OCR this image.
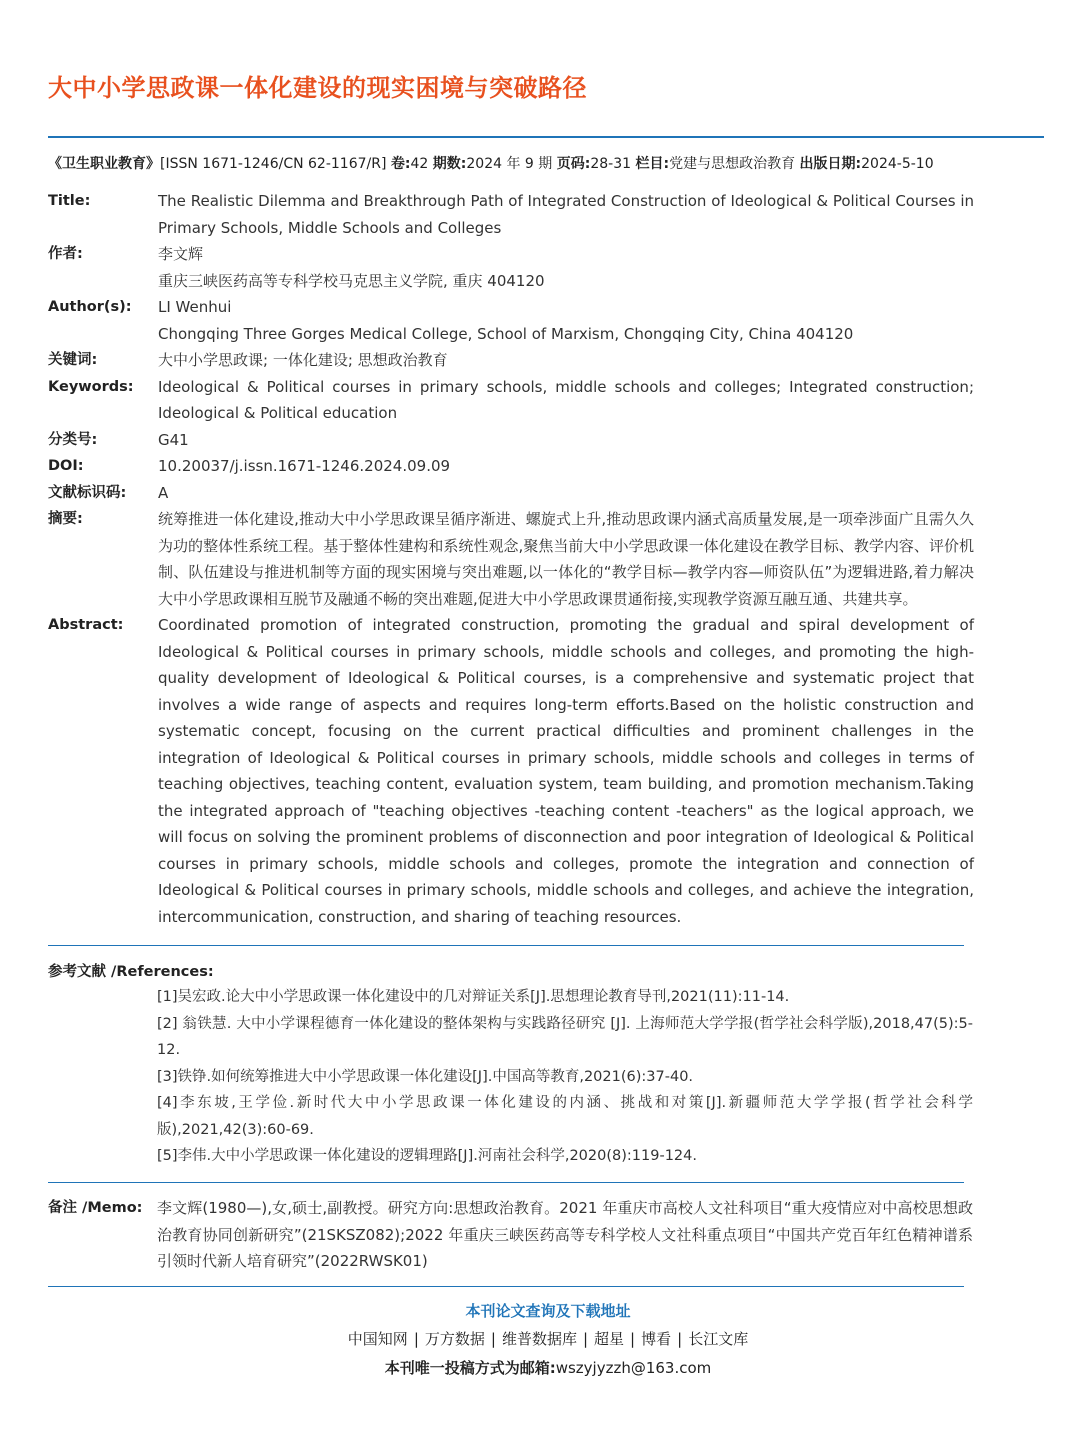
大中小学思政课一体化建设的现实困境与突破路径
《卫生职业教育》[ISSN 1671-1246/CN 62-1167/R] 卷:42 期数:2024 年 9 期 页码:28-31 栏目:党建与思想政治教育 出版日期:2024-5-10
Title:	The Realistic Dilemma and Breakthrough Path of Integrated Construction of Ideological & Political Courses in Primary Schools, Middle Schools and Colleges
作者:	李文辉

重庆三峡医药高等专科学校马克思主义学院, 重庆 404120

Author(s):	LI Wenhui

Chongqing Three Gorges Medical College, School of Marxism, Chongqing City, China 404120

关键词:	大中小学思政课; 一体化建设; 思想政治教育
Keywords:	Ideological & Political courses in primary schools, middle schools and colleges; Integrated construction; Ideological & Political education
分类号:	G41
DOI:	10.20037/j.issn.1671-1246.2024.09.09
文献标识码:	A
摘要:	统筹推进一体化建设,推动大中小学思政课呈循序渐进、螺旋式上升,推动思政课内涵式高质量发展,是一项牵涉面广且需久久为功的整体性系统工程。基于整体性建构和系统性观念,聚焦当前大中小学思政课一体化建设在教学目标、教学内容、评价机制、队伍建设与推进机制等方面的现实困境与突出难题,以一体化的“教学目标—教学内容—师资队伍”为逻辑进路,着力解决大中小学思政课相互脱节及融通不畅的突出难题,促进大中小学思政课贯通衔接,实现教学资源互融互通、共建共享。
Abstract:	Coordinated promotion of integrated construction, promoting the gradual and spiral development of Ideological & Political courses in primary schools, middle schools and colleges, and promoting the high-quality development of Ideological & Political courses, is a comprehensive and systematic project that involves a wide range of aspects and requires long-term efforts.Based on the holistic construction and systematic concept, focusing on the current practical difficulties and prominent challenges in the integration of Ideological & Political courses in primary schools, middle schools and colleges in terms of teaching objectives, teaching content, evaluation system, team building, and promotion mechanism.Taking the integrated approach of "teaching objectives -teaching content -teachers" as the logical approach, we will focus on solving the prominent problems of disconnection and poor integration of Ideological & Political courses in primary schools, middle schools and colleges, promote the integration and connection of Ideological & Political courses in primary schools, middle schools and colleges, and achieve the integration, intercommunication, construction, and sharing of teaching resources.
参考文献 /References:

[1]吴宏政.论大中小学思政课一体化建设中的几对辩证关系[J].思想理论教育导刊,2021(11):11-14.

[2] 翁铁慧. 大中小学课程德育一体化建设的整体架构与实践路径研究 [J]. 上海师范大学学报(哲学社会科学版),2018,47(5):5-12.

[3]铁铮.如何统筹推进大中小学思政课一体化建设[J].中国高等教育,2021(6):37-40.

[4]李东坡,王学俭.新时代大中小学思政课一体化建设的内涵、挑战和对策[J].新疆师范大学学报(哲学社会科学版),2021,42(3):60-69.

[5]李伟.大中小学思政课一体化建设的逻辑理路[J].河南社会科学,2020(8):119-124.

备注 /Memo: 李文辉(1980—),女,硕士,副教授。研究方向:思想政治教育。2021 年重庆市高校人文社科项目“重大疫情应对中高校思想政治教育协同创新研究”(21SKSZ082);2022 年重庆三峡医药高等专科学校人文社科重点项目“中国共产党百年红色精神谱系引领时代新人培育研究”(2022RWSK01)
本刊论文查询及下载地址
中国知网 | 万方数据 | 维普数据库 | 超星 | 博看 | 长江文库
本刊唯一投稿方式为邮箱:wszyjyzzh@163.com
